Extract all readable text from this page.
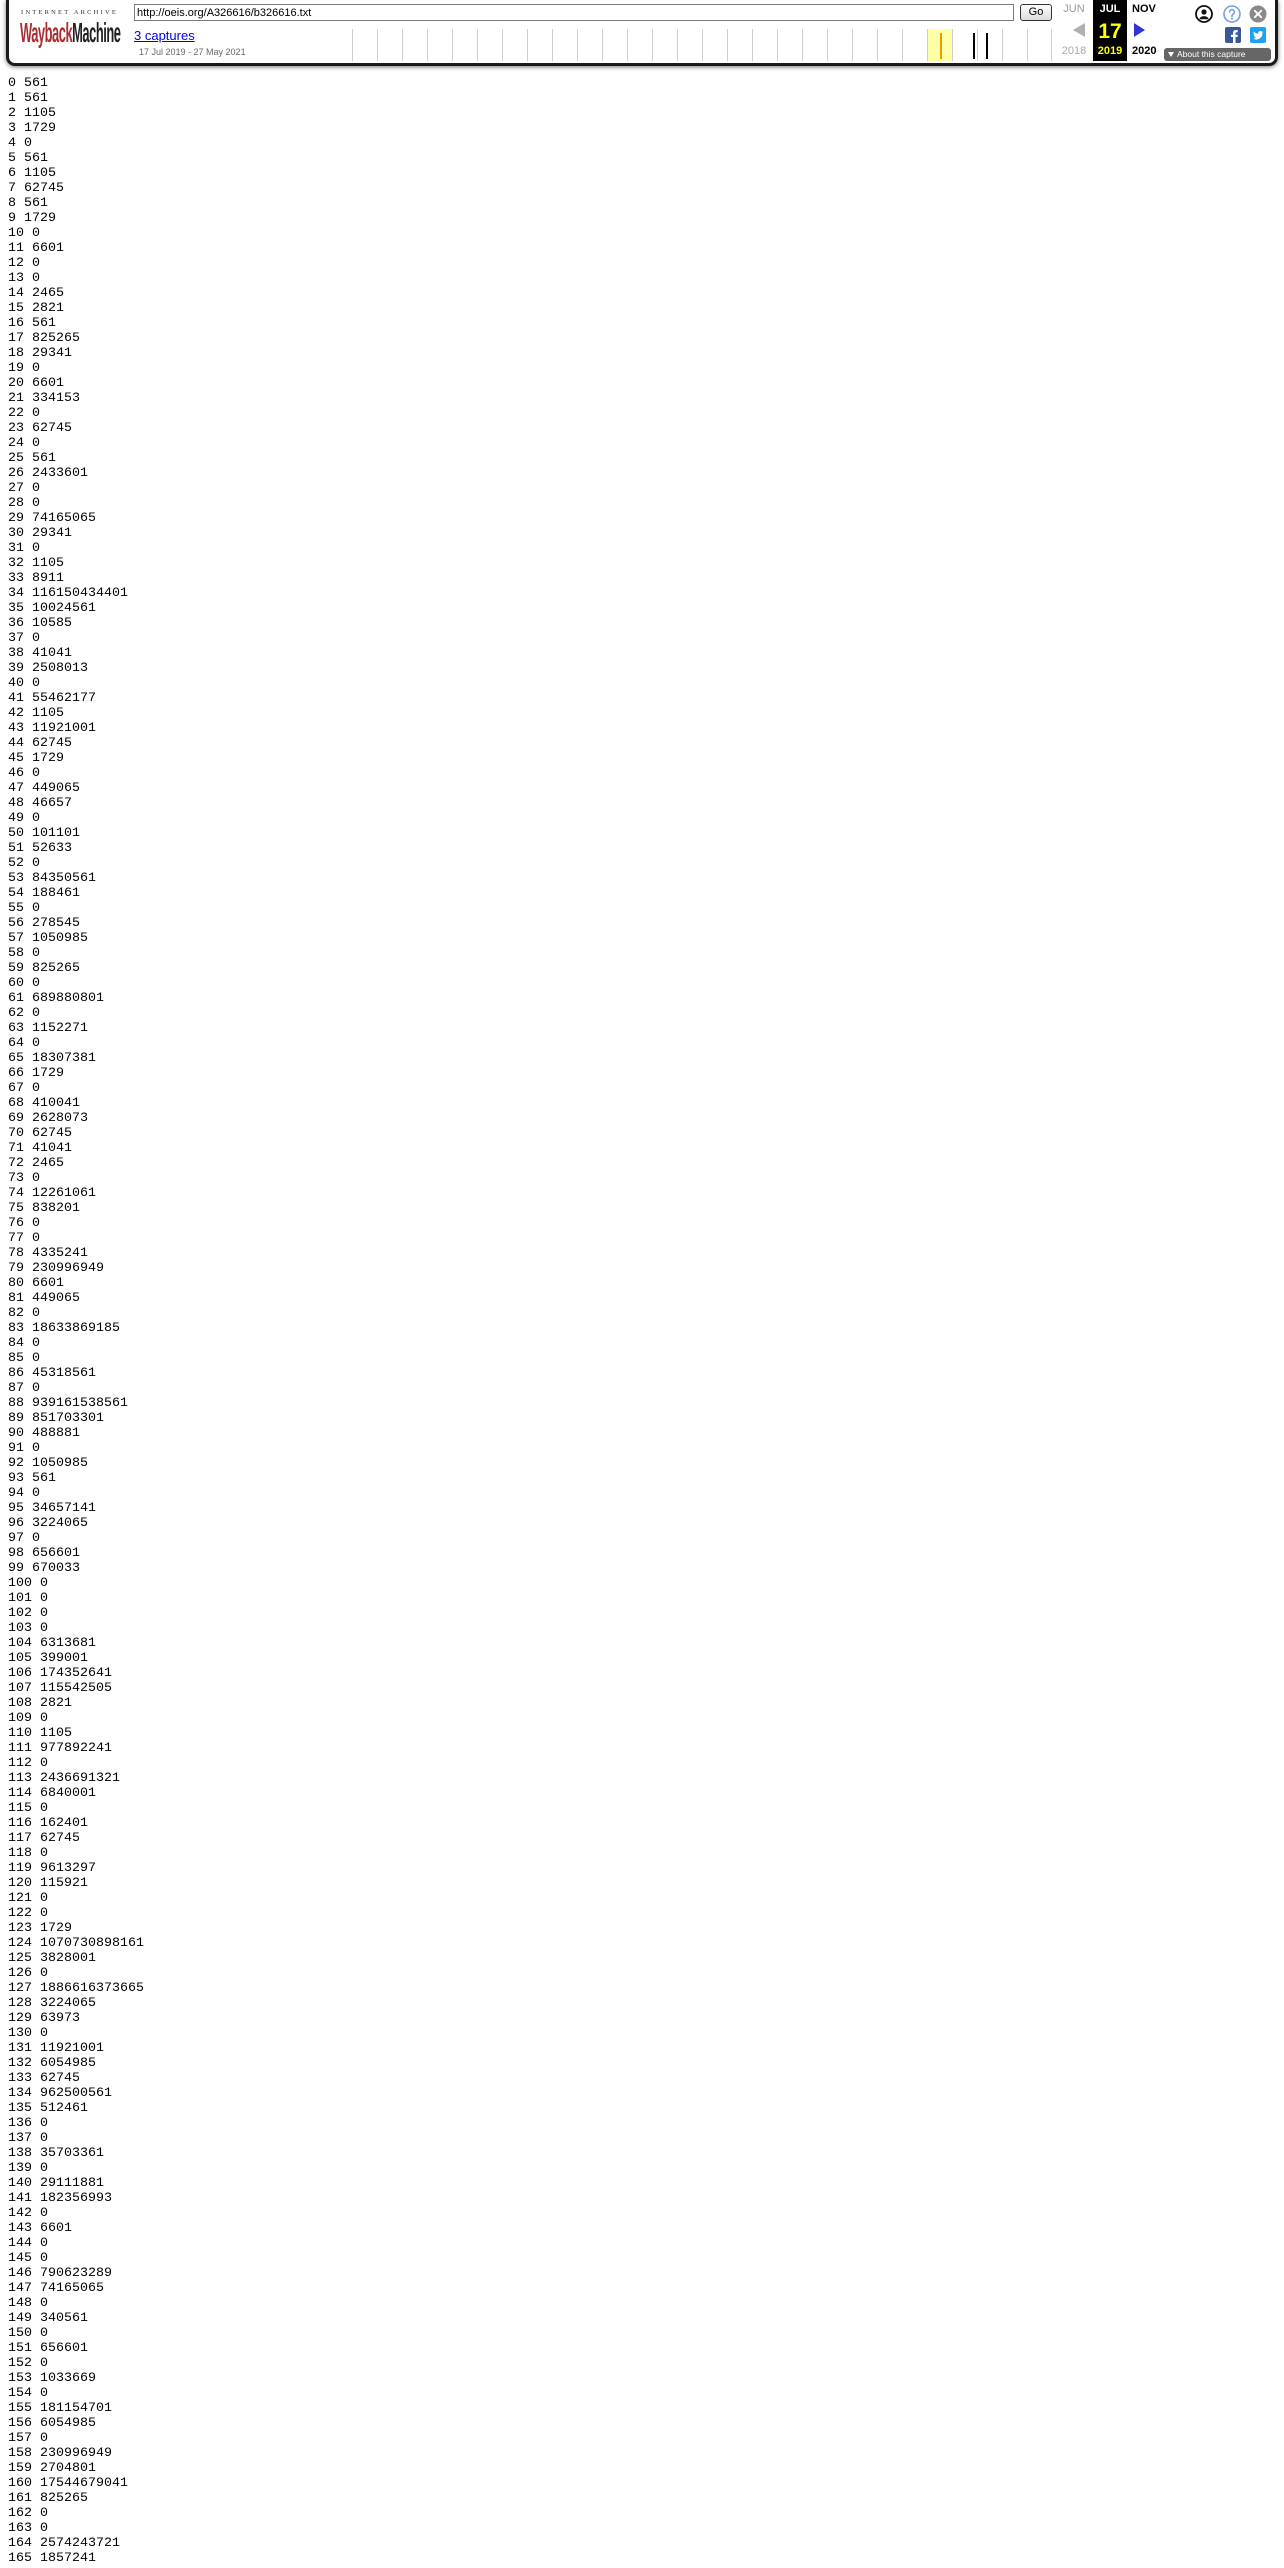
INTERNET ARCHIVE
WaybackMachine
http://oeis.org/A326616/b326616.txt
Go
3 captures
17 Jul 2019 - 27 May 2021
JUN
2018
JUL
17
2019
NOV
2020	About this capture
0 561
1 561
2 1105
3 1729
4 0
5 561
6 1105
7 62745
8 561
9 1729
10 0
11 6601
12 0
13 0
14 2465
15 2821
16 561
17 825265
18 29341
19 0
20 6601
21 334153
22 0
23 62745
24 0
25 561
26 2433601
27 0
28 0
29 74165065
30 29341
31 0
32 1105
33 8911
34 116150434401
35 10024561
36 10585
37 0
38 41041
39 2508013
40 0
41 55462177
42 1105
43 11921001
44 62745
45 1729
46 0
47 449065
48 46657
49 0
50 101101
51 52633
52 0
53 84350561
54 188461
55 0
56 278545
57 1050985
58 0
59 825265
60 0
61 689880801
62 0
63 1152271
64 0
65 18307381
66 1729
67 0
68 410041
69 2628073
70 62745
71 41041
72 2465
73 0
74 12261061
75 838201
76 0
77 0
78 4335241
79 230996949
80 6601
81 449065
82 0
83 18633869185
84 0
85 0
86 45318561
87 0
88 939161538561
89 851703301
90 488881
91 0
92 1050985
93 561
94 0
95 34657141
96 3224065
97 0
98 656601
99 670033
100 0
101 0
102 0
103 0
104 6313681
105 399001
106 174352641
107 115542505
108 2821
109 0
110 1105
111 977892241
112 0
113 2436691321
114 6840001
115 0
116 162401
117 62745
118 0
119 9613297
120 115921
121 0
122 0
123 1729
124 1070730898161
125 3828001
126 0
127 1886616373665
128 3224065
129 63973
130 0
131 11921001
132 6054985
133 62745
134 962500561
135 512461
136 0
137 0
138 35703361
139 0
140 29111881
141 182356993
142 0
143 6601
144 0
145 0
146 790623289
147 74165065
148 0
149 340561
150 0
151 656601
152 0
153 1033669
154 0
155 181154701
156 6054985
157 0
158 230996949
159 2704801
160 17544679041
161 825265
162 0
163 0
164 2574243721
165 1857241
